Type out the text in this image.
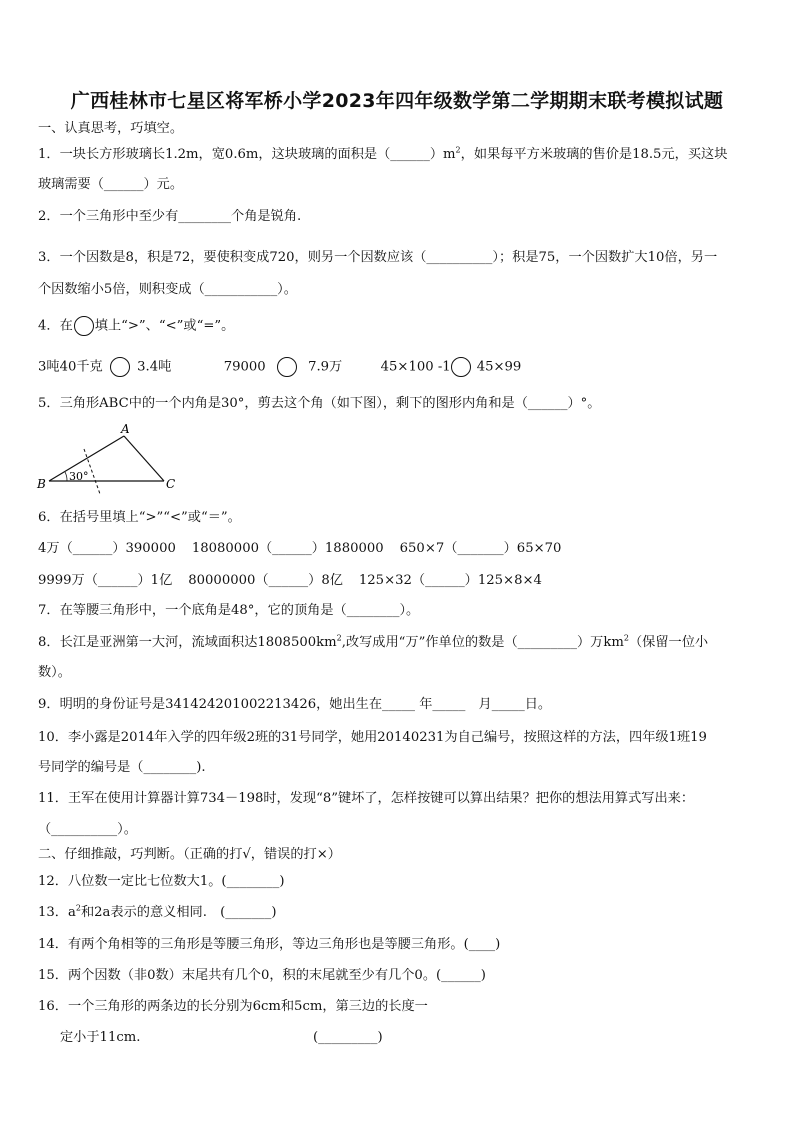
广西桂林市七星区将军桥小学2023年四年级数学第二学期期末联考模拟试题
一、认真思考，巧填空。
1．一块长方形玻璃长1.2m，宽0.6m，这块玻璃的面积是$(\_\_\_\_\_\_)m^2$，如果每平方米玻璃的售价是18.5元，买这块
玻璃需要（______）元。
2．一个三角形中至少有________个角是锐角.
3．一个因数是8，积是72，要使积变成720，则另一个因数应该（__________）；积是75，一个因数扩大10倍，另一
个因数缩小5倍，则积变成（___________）。
4．在 填上“>”、“<”或“=”。
3吨40千克	3.4吨	79000	7.9万	45×100 -1 45×99
5．三角形ABC中的一个内角是30°，剪去这个角（如下图），剩下的图形内角和是（______）°。
A
B	C
30°
6．在括号里填上“>”“<”或“＝”。
4万（______）390000 18080000（______）1880000 650×7（_______）65×70
9999万（______）1亿 80000000（______）8亿 125×32（______）125×8×4
7．在等腰三角形中，一个底角是48°，它的顶角是（________）。
8．长江是亚洲第一大河，流域面积达$1808500km^2$,改写成用“万”作单位的数是（_________）万$km^2$（保留一位小
数）。
9．明明的身份证号是341424201002213426，她出生在_____ 年_____　月_____日。
10．李小露是2014年入学的四年级2班的31号同学，她用20140231为自己编号，按照这样的方法，四年级1班19
号同学的编号是（________).
11．王军在使用计算器计算734－198时，发现“8”键坏了，怎样按键可以算出结果？把你的想法用算式写出来：
（__________）。
二、仔细推敲，巧判断。（正确的打√，错误的打×）
12．八位数一定比七位数大1。(________)
13．$a^2$和2a表示的意义相同.　(_______)
14．有两个角相等的三角形是等腰三角形，等边三角形也是等腰三角形。(____)
15．两个因数（非0数）末尾共有几个0，积的末尾就至少有几个0。(______)
16．一个三角形的两条边的长分别为6cm和5cm，第三边的长度一
定小于11cm.	(_________)
